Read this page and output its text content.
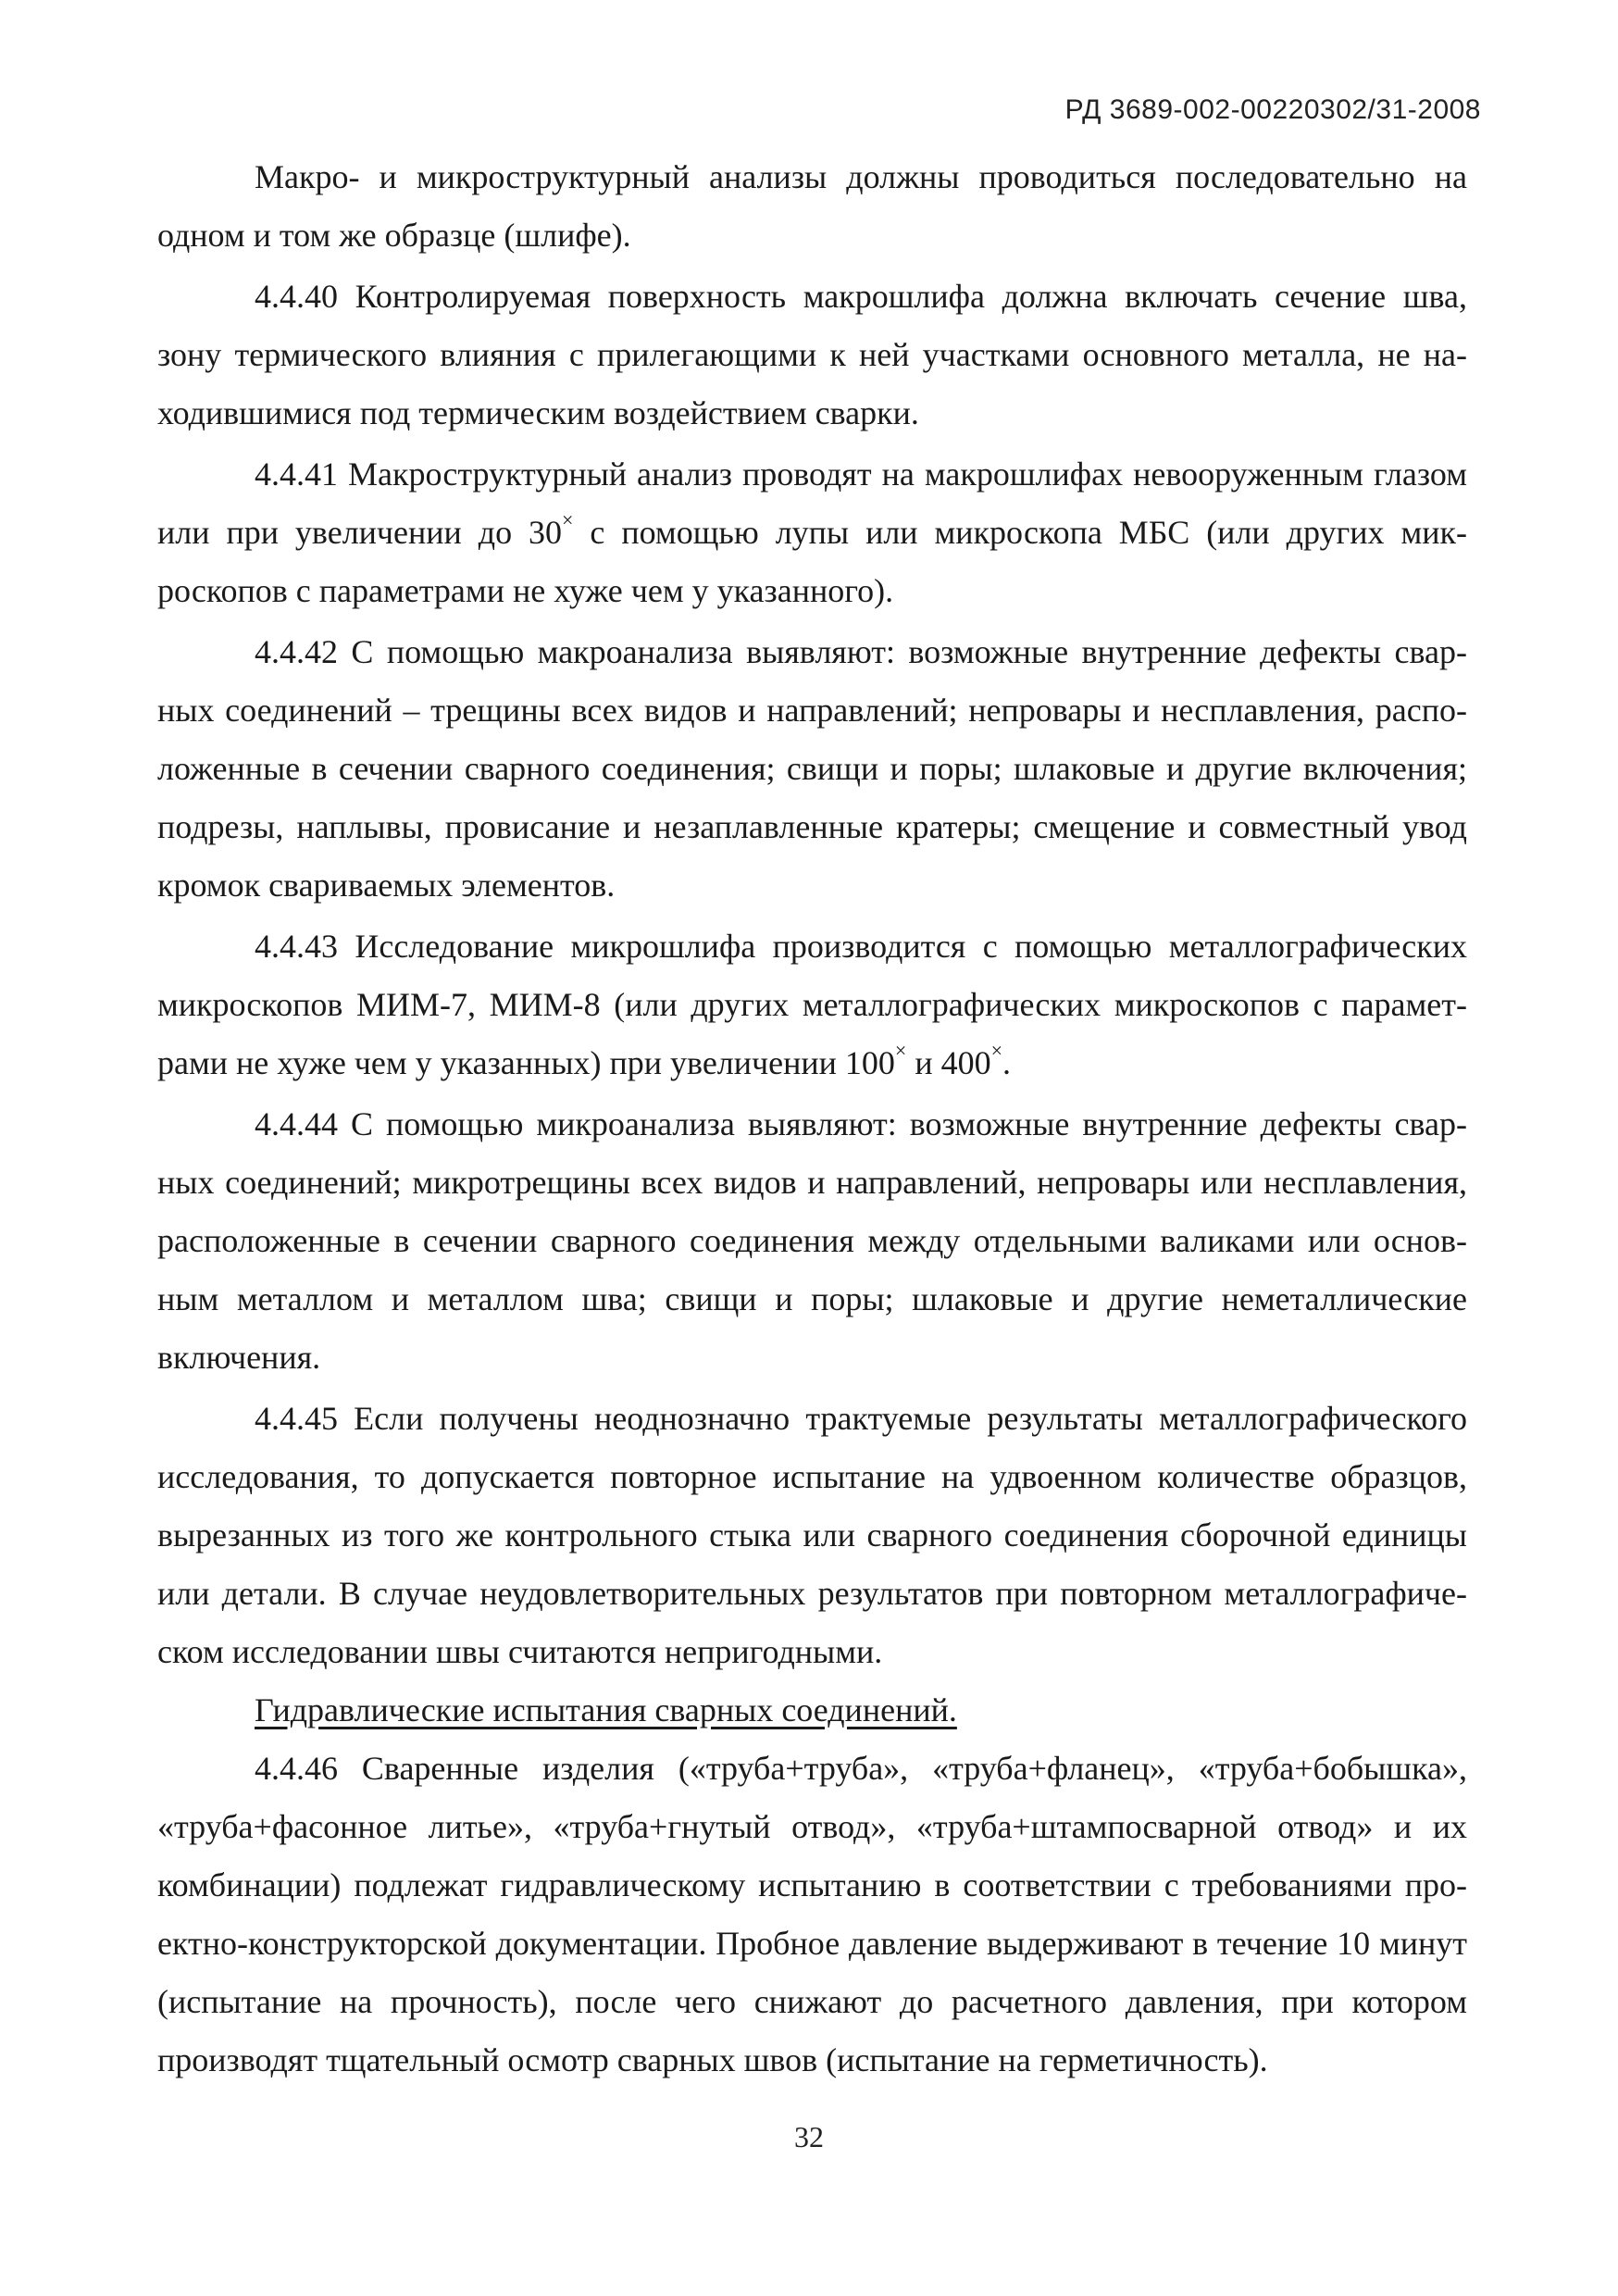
РД 3689-002-00220302/31-2008

Макро- и микроструктурный анализы должны проводиться последовательно на одном и том же образце (шлифе).

4.4.40 Контролируемая поверхность макрошлифа должна включать сечение шва, зону термического влияния с прилегающими к ней участками основного металла, не находившимися под термическим воздействием сварки.

4.4.41 Макроструктурный анализ проводят на макрошлифах невооруженным глазом или при увеличении до 30× с помощью лупы или микроскопа МБС (или других микроскопов с параметрами не хуже чем у указанного).

4.4.42 С помощью макроанализа выявляют: возможные внутренние дефекты сварных соединений – трещины всех видов и направлений; непровары и несплавления, расположенные в сечении сварного соединения; свищи и поры; шлаковые и другие включения; подрезы, наплывы, провисание и незаплавленные кратеры; смещение и совместный увод кромок свариваемых элементов.

4.4.43 Исследование микрошлифа производится с помощью металлографических микроскопов МИМ-7, МИМ-8 (или других металлографических микроскопов с параметрами не хуже чем у указанных) при увеличении 100× и 400×.

4.4.44 С помощью микроанализа выявляют: возможные внутренние дефекты сварных соединений; микротрещины всех видов и направлений, непровары или несплавления, расположенные в сечении сварного соединения между отдельными валиками или основным металлом и металлом шва; свищи и поры; шлаковые и другие неметаллические включения.

4.4.45 Если получены неоднозначно трактуемые результаты металлографического исследования, то допускается повторное испытание на удвоенном количестве образцов, вырезанных из того же контрольного стыка или сварного соединения сборочной единицы или детали. В случае неудовлетворительных результатов при повторном металлографическом исследовании швы считаются непригодными.

Гидравлические испытания сварных соединений.

4.4.46 Сваренные изделия («труба+труба», «труба+фланец», «труба+бобышка», «труба+фасонное литье», «труба+гнутый отвод», «труба+штампосварной отвод» и их комбинации) подлежат гидравлическому испытанию в соответствии с требованиями проектно-конструкторской документации. Пробное давление выдерживают в течение 10 минут (испытание на прочность), после чего снижают до расчетного давления, при котором производят тщательный осмотр сварных швов (испытание на герметичность).

32
